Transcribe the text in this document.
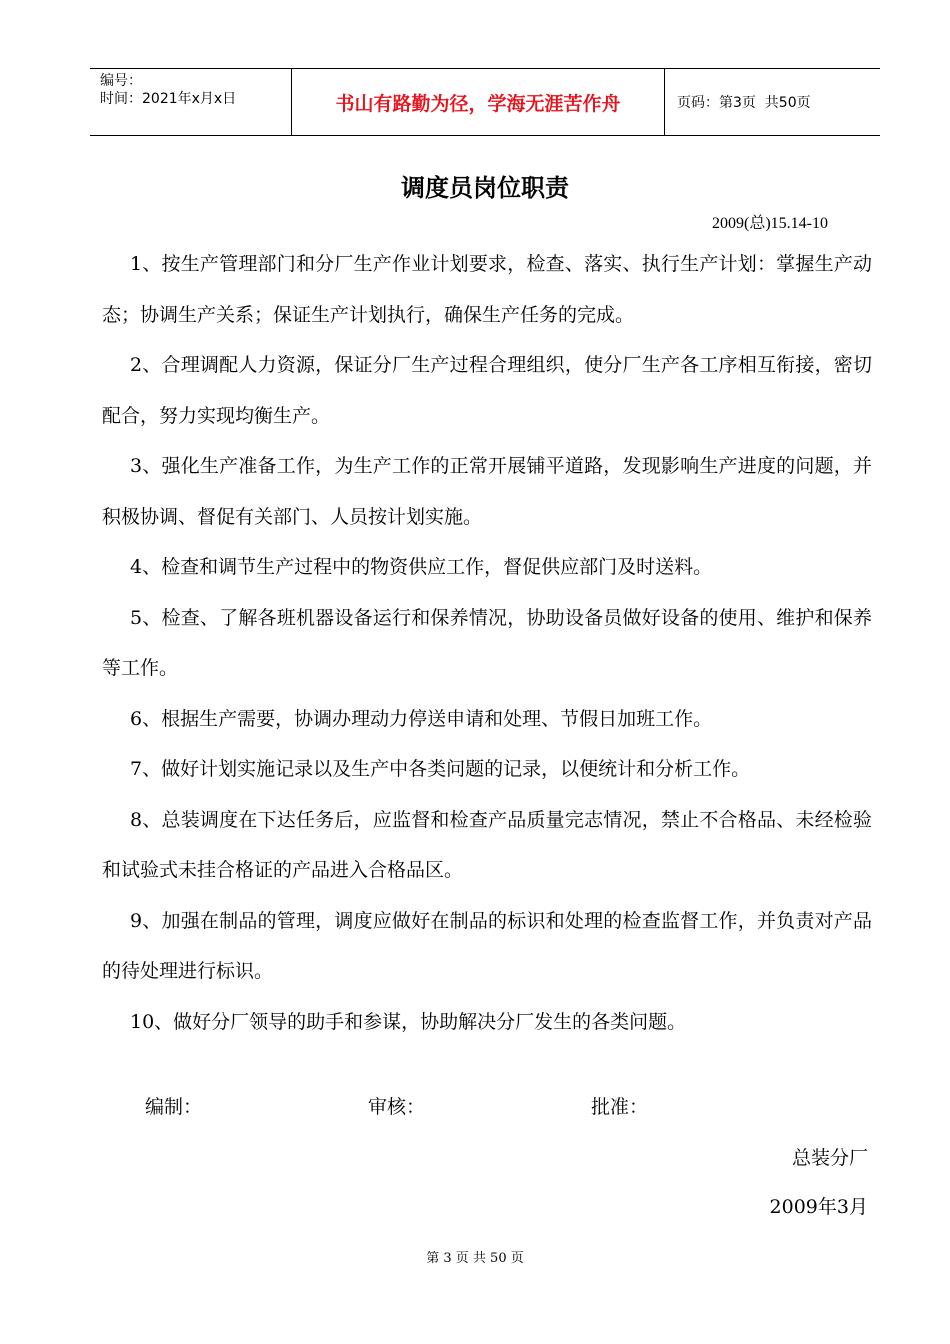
编号：
时间：2021年x月x日	书山有路勤为径，学海无涯苦作舟	页码：第3页  共50页
调度员岗位职责
2009(总)15.14-10

1、按生产管理部门和分厂生产作业计划要求，检查、落实、执行生产计划：掌握生产动态；协调生产关系；保证生产计划执行，确保生产任务的完成。

2、合理调配人力资源，保证分厂生产过程合理组织，使分厂生产各工序相互衔接，密切配合，努力实现均衡生产。

3、强化生产准备工作，为生产工作的正常开展铺平道路，发现影响生产进度的问题，并积极协调、督促有关部门、人员按计划实施。

4、检查和调节生产过程中的物资供应工作，督促供应部门及时送料。

5、检查、了解各班机器设备运行和保养情况，协助设备员做好设备的使用、维护和保养等工作。

6、根据生产需要，协调办理动力停送申请和处理、节假日加班工作。

7、做好计划实施记录以及生产中各类问题的记录，以便统计和分析工作。

8、总装调度在下达任务后，应监督和检查产品质量完志情况，禁止不合格品、未经检验和试验式未挂合格证的产品进入合格品区。

9、加强在制品的管理，调度应做好在制品的标识和处理的检查监督工作，并负责对产品的待处理进行标识。

10、做好分厂领导的助手和参谋，协助解决分厂发生的各类问题。

编制：	审核：	批准：
总装分厂
2009年3月
第 3 页 共 50 页
